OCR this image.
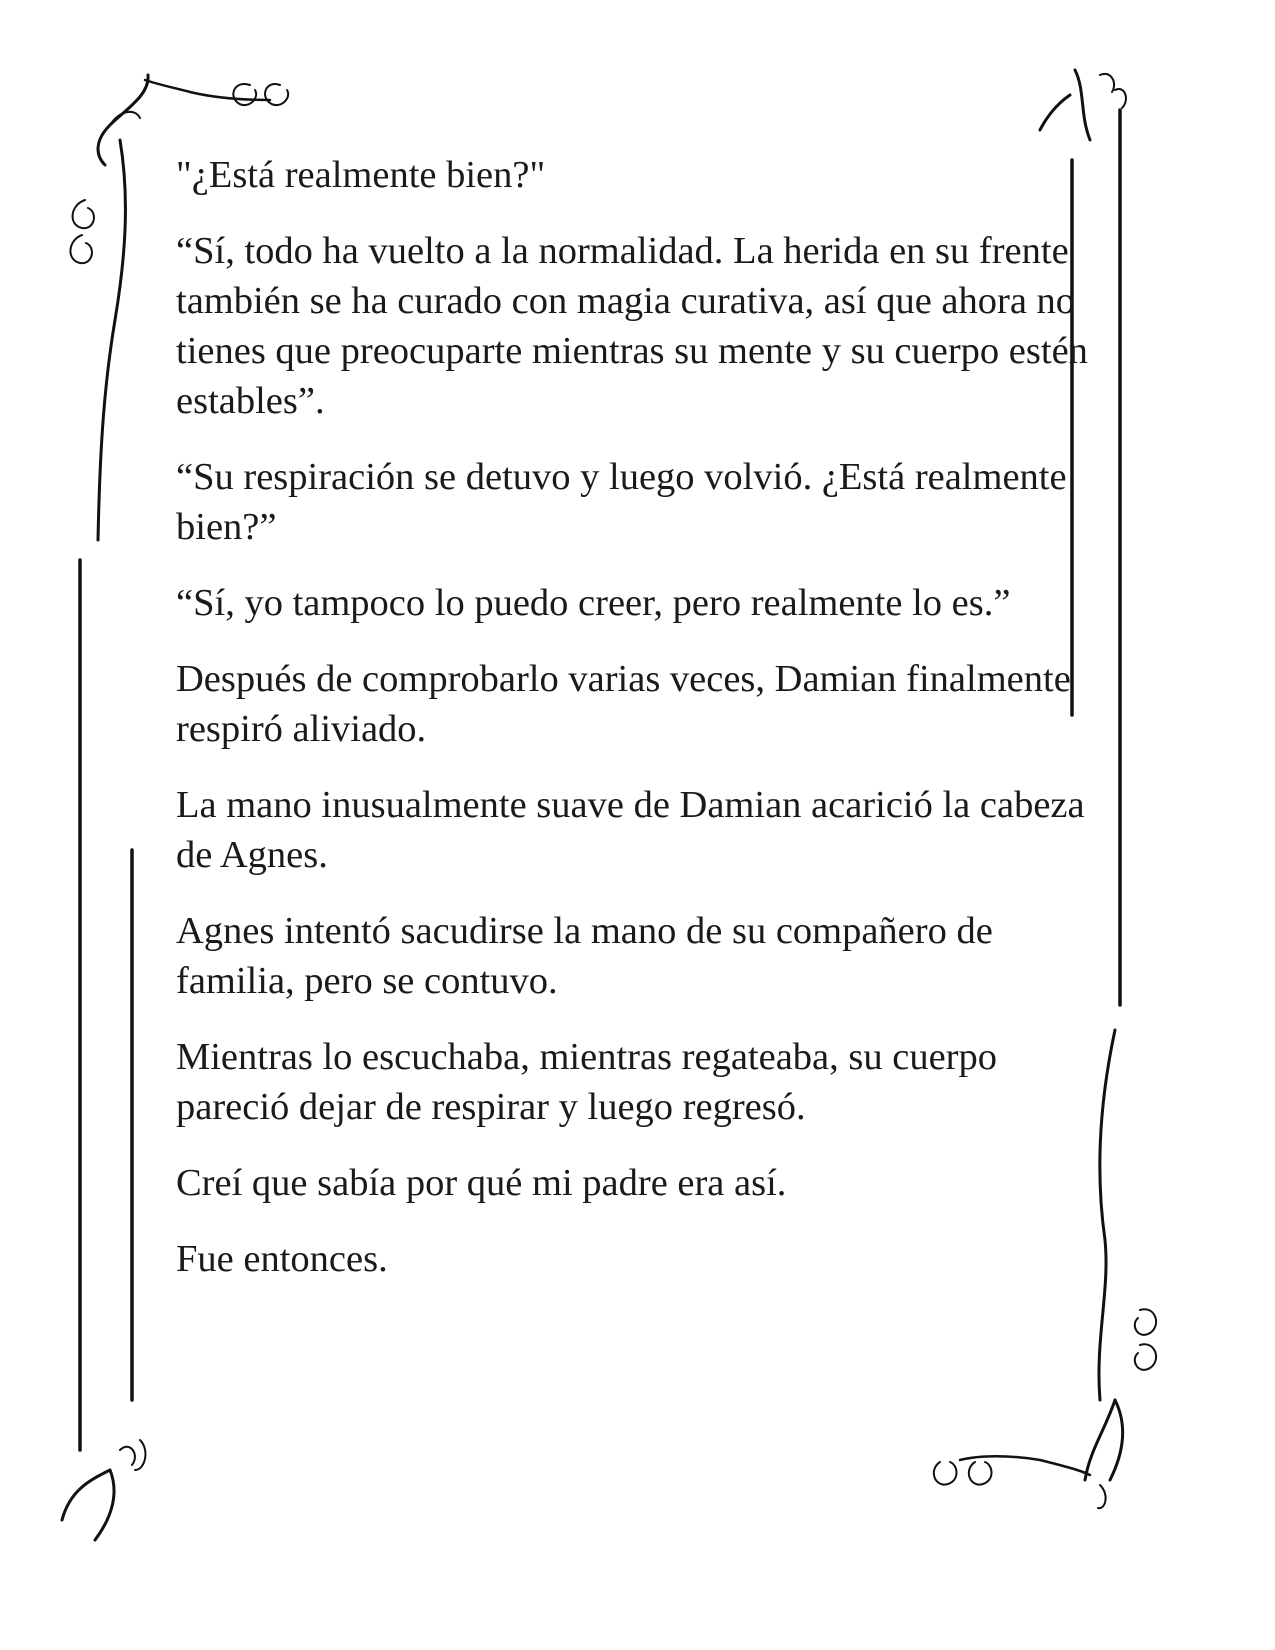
"¿Está realmente bien?"

“Sí, todo ha vuelto a la normalidad. La herida en su frente también se ha curado con magia curativa, así que ahora no tienes que preocuparte mientras su mente y su cuerpo estén estables”.

“Su respiración se detuvo y luego volvió. ¿Está realmente bien?”

“Sí, yo tampoco lo puedo creer, pero realmente lo es.”

Después de comprobarlo varias veces, Damian finalmente respiró aliviado.

La mano inusualmente suave de Damian acarició la cabeza de Agnes.

Agnes intentó sacudirse la mano de su compañero de familia, pero se contuvo.

Mientras lo escuchaba, mientras regateaba, su cuerpo pareció dejar de respirar y luego regresó.

Creí que sabía por qué mi padre era así.

Fue entonces.
